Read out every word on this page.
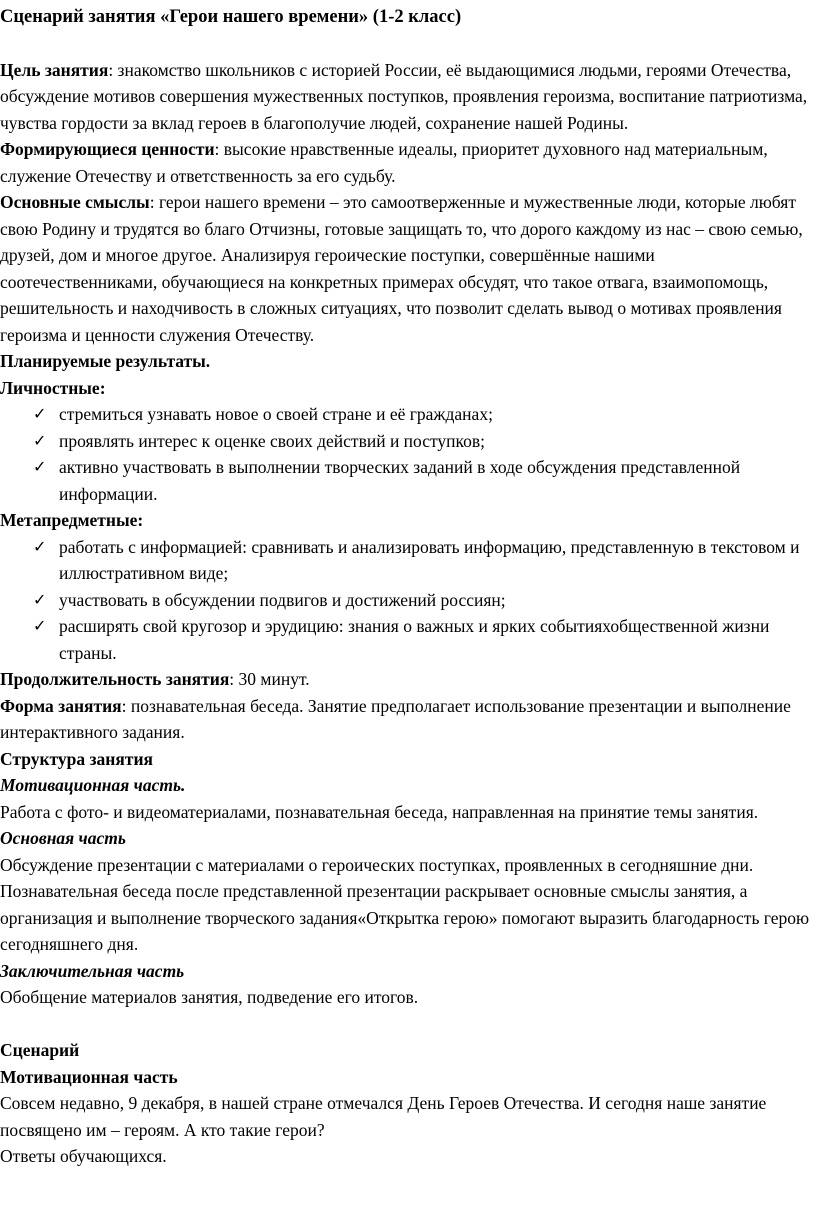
Сценарий занятия «Герои нашего времени» (1-2 класс)

Цель занятия: знакомство школьников с историей России, её выдающимися людьми, героями Отечества, обсуждение мотивов совершения мужественных поступков, проявления героизма, воспитание патриотизма, чувства гордости за вклад героев в благополучие людей, сохранение нашей Родины.

Формирующиеся ценности: высокие нравственные идеалы, приоритет духовного над материальным, служение Отечеству и ответственность за его судьбу.

Основные смыслы: герои нашего времени – это самоотверженные и мужественные люди, которые любят свою Родину и трудятся во благо Отчизны, готовые защищать то, что дорого каждому из нас – свою семью, друзей, дом и многое другое. Анализируя героические поступки, совершённые нашими соотечественниками, обучающиеся на конкретных примерах обсудят, что такое отвага, взаимопомощь, решительность и находчивость в сложных ситуациях, что позволит сделать вывод о мотивах проявления героизма и ценности служения Отечеству.

Планируемые результаты.

Личностные:

✓ стремиться узнавать новое о своей стране и её гражданах;
✓ проявлять интерес к оценке своих действий и поступков;
✓ активно участвовать в выполнении творческих заданий в ходе обсуждения представленной информации.

Метапредметные:

✓ работать с информацией: сравнивать и анализировать информацию, представленную в текстовом и иллюстративном виде;
✓ участвовать в обсуждении подвигов и достижений россиян;
✓ расширять свой кругозор и эрудицию: знания о важных и ярких событияхобщественной жизни страны.

Продолжительность занятия: 30 минут.

Форма занятия: познавательная беседа. Занятие предполагает использование презентации и выполнение интерактивного задания.

Структура занятия

Мотивационная часть.

Работа с фото- и видеоматериалами, познавательная беседа, направленная на принятие темы занятия.

Основная часть

Обсуждение презентации с материалами о героических поступках, проявленных в сегодняшние дни. Познавательная беседа после представленной презентации раскрывает основные смыслы занятия, а организация и выполнение творческого задания«Открытка герою» помогают выразить благодарность герою сегодняшнего дня.

Заключительная часть

Обобщение материалов занятия, подведение его итогов.

Сценарий

Мотивационная часть

Совсем недавно, 9 декабря, в нашей стране отмечался День Героев Отечества. И сегодня наше занятие посвящено им – героям. А кто такие герои?

Ответы обучающихся.
